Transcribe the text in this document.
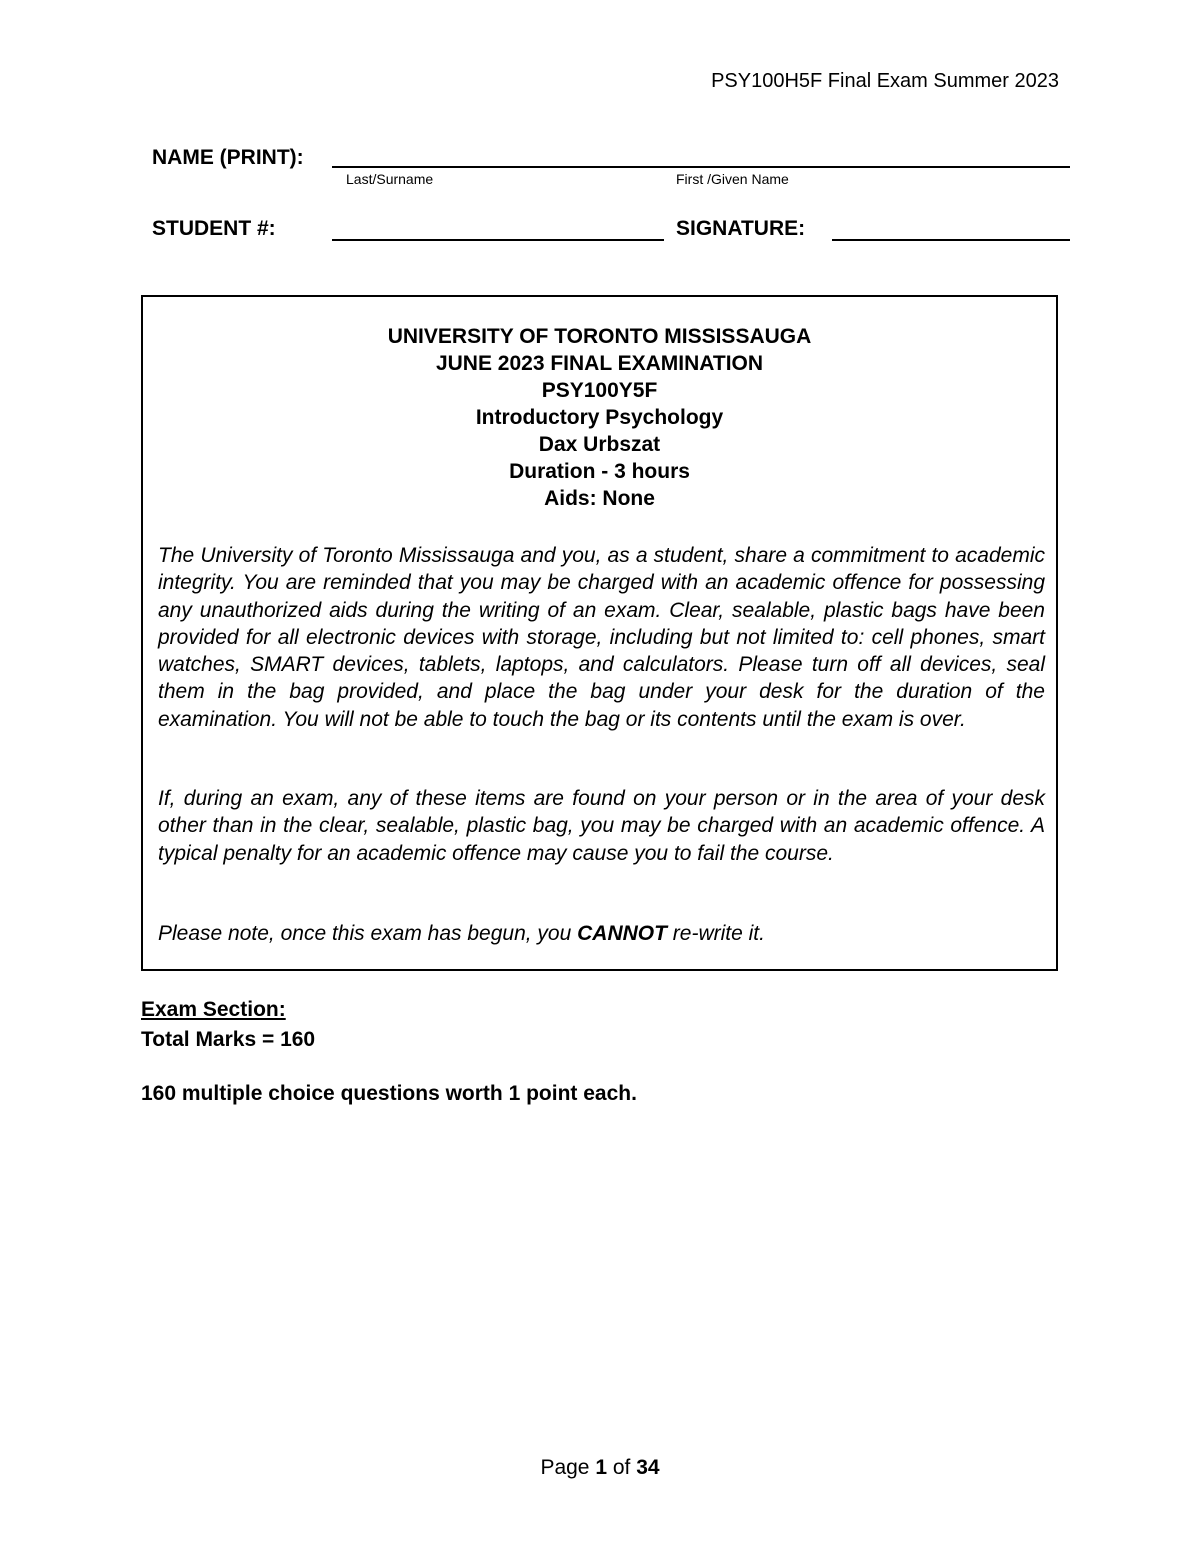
PSY100H5F Final Exam Summer 2023
NAME (PRINT):
Last/Surname	First /Given Name
STUDENT #:	SIGNATURE:
UNIVERSITY OF TORONTO MISSISSAUGA
JUNE 2023 FINAL EXAMINATION
PSY100Y5F
Introductory Psychology
Dax Urbszat
Duration - 3 hours
Aids: None

The University of Toronto Mississauga and you, as a student, share a commitment to academic integrity. You are reminded that you may be charged with an academic offence for possessing any unauthorized aids during the writing of an exam. Clear, sealable, plastic bags have been provided for all electronic devices with storage, including but not limited to: cell phones, smart watches, SMART devices, tablets, laptops, and calculators. Please turn off all devices, seal them in the bag provided, and place the bag under your desk for the duration of the examination. You will not be able to touch the bag or its contents until the exam is over.

If, during an exam, any of these items are found on your person or in the area of your desk other than in the clear, sealable, plastic bag, you may be charged with an academic offence. A typical penalty for an academic offence may cause you to fail the course.

Please note, once this exam has begun, you CANNOT re-write it.

Exam Section:
Total Marks = 160
160 multiple choice questions worth 1 point each.
Page 1 of 34
